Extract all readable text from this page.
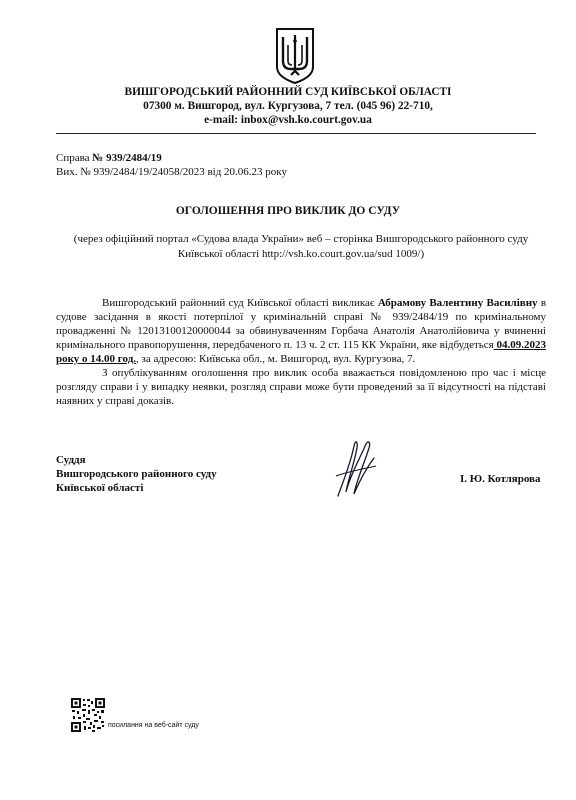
ВИШГОРОДСЬКИЙ РАЙОННИЙ СУД КИЇВСЬКОЇ ОБЛАСТІ
07300 м. Вишгород, вул. Кургузова, 7 тел. (045 96) 22-710,
e-mail: inbox@vsh.ko.court.gov.ua
Справа № 939/2484/19
Вих. № 939/2484/19/24058/2023 від 20.06.23 року
ОГОЛОШЕННЯ ПРО ВИКЛИК ДО СУДУ
(через офіційний портал «Судова влада України» веб – сторінка Вишгородського районного суду Київської області http://vsh.ko.court.gov.ua/sud 1009/)

Вишгородський районний суд Київської області викликає Абрамову Валентину Василівну в судове засідання в якості потерпілої у кримінальній справі № 939/2484/19 по кримінальному провадженні № 12013100120000044 за обвинуваченням Горбача Анатолія Анатолійовича у вчиненні кримінального правопорушення, передбаченого п. 13 ч. 2 ст. 115 КК України, яке відбудеться 04.09.2023 року о 14.00 год., за адресою: Київська обл., м. Вишгород, вул. Кургузова, 7.

З опублікуванням оголошення про виклик особа вважається повідомленою про час і місце розгляду справи і у випадку неявки, розгляд справи може бути проведений за її відсутності на підставі наявних у справі доказів.

Суддя
Вишгородського районного суду
Київської області
І. Ю. Котлярова
посилання на веб-сайт суду
